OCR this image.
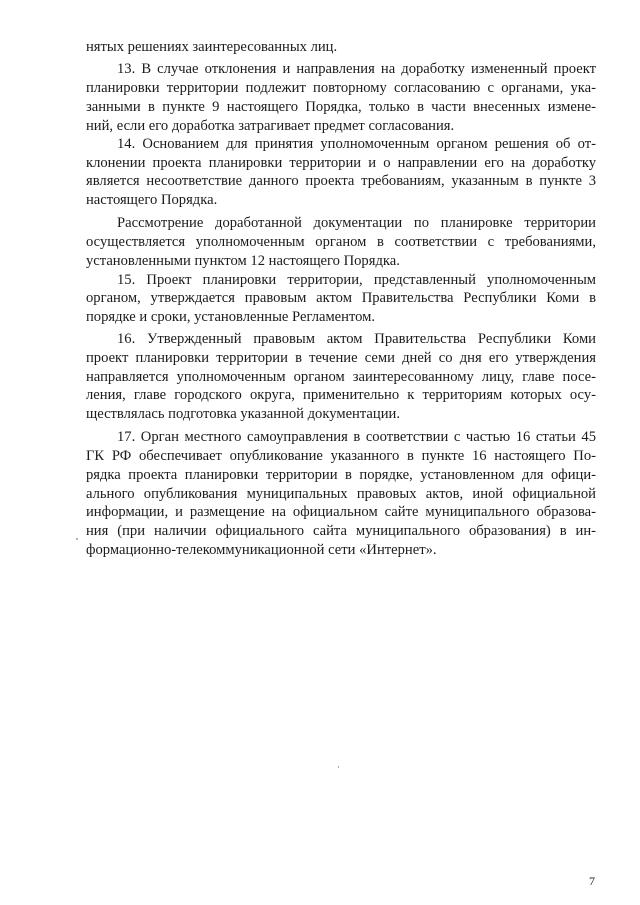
нятых решениях заинтересованных лиц.
13. В случае отклонения и направления на доработку измененный проект
планировки территории подлежит повторному согласованию с органами, ука-
занными в пункте 9 настоящего Порядка, только в части внесенных измене-
ний, если его доработка затрагивает предмет согласования.
14. Основанием для принятия уполномоченным органом решения об от-
клонении проекта планировки территории и о направлении его на доработку
является несоответствие данного проекта требованиям, указанным в пункте 3
настоящего Порядка.
Рассмотрение доработанной документации по планировке территории
осуществляется уполномоченным органом в соответствии с требованиями,
установленными пунктом 12 настоящего Порядка.
15. Проект планировки территории, представленный уполномоченным
органом, утверждается правовым актом Правительства Республики Коми в
порядке и сроки, установленные Регламентом.
16. Утвержденный правовым актом Правительства Республики Коми
проект планировки территории в течение семи дней со дня его утверждения
направляется уполномоченным органом заинтересованному лицу, главе посе-
ления, главе городского округа, применительно к территориям которых осу-
ществлялась подготовка указанной документации.
17. Орган местного самоуправления в соответствии с частью 16 статьи 45
ГК РФ обеспечивает опубликование указанного в пункте 16 настоящего По-
рядка проекта планировки территории в порядке, установленном для офици-
ального опубликования муниципальных правовых актов, иной официальной
информации, и размещение на официальном сайте муниципального образова-
ния (при наличии официального сайта муниципального образования) в ин-
формационно-телекоммуникационной сети «Интернет».
7
